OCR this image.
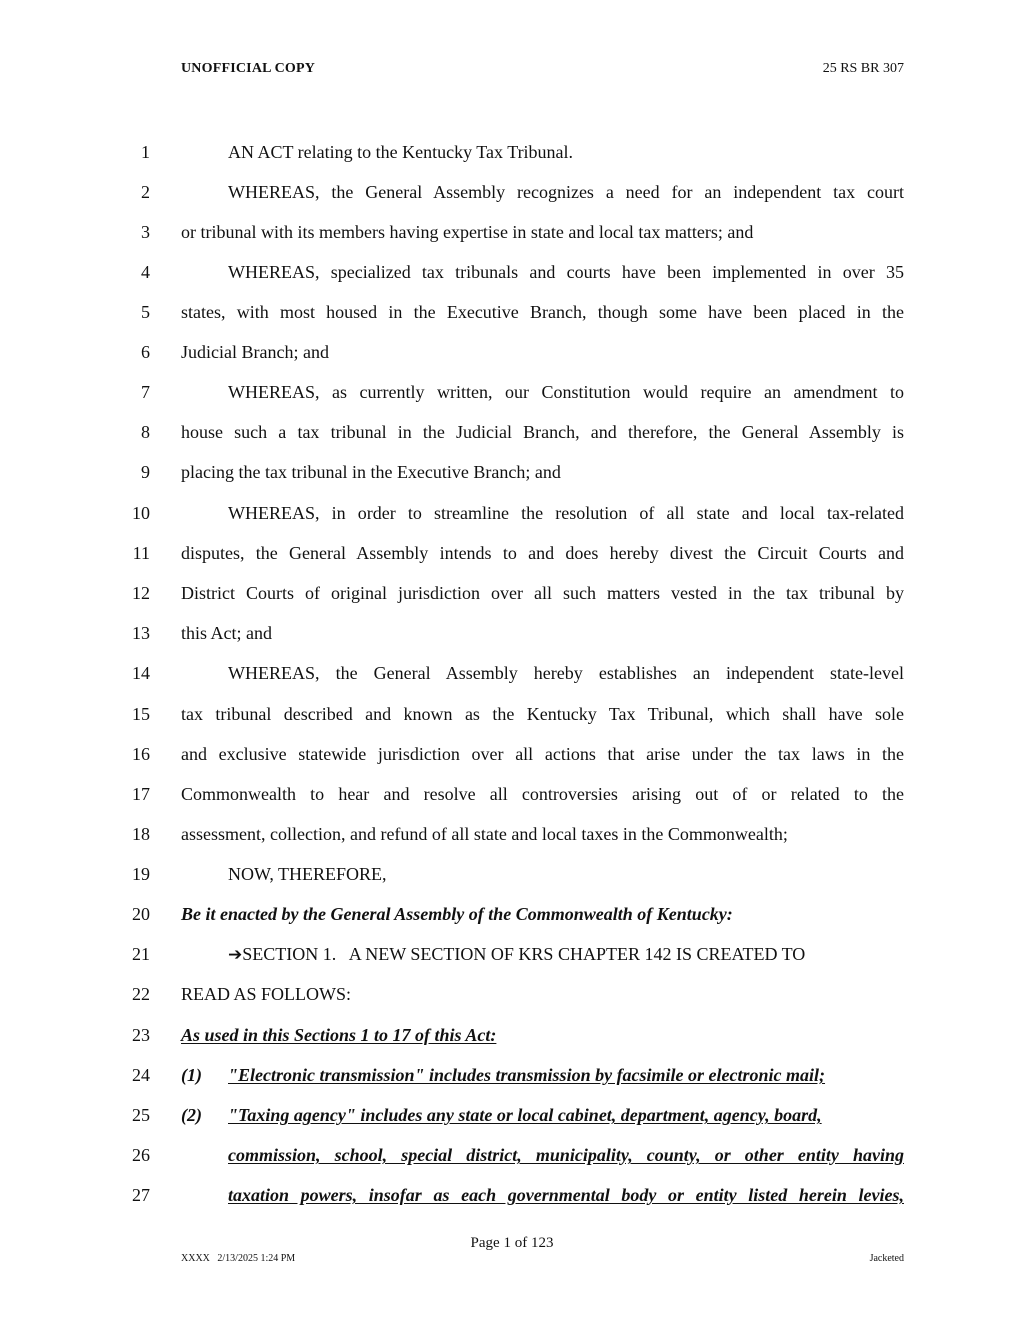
UNOFFICIAL COPY	25 RS BR 307
1	AN ACT relating to the Kentucky Tax Tribunal.
2	WHEREAS, the General Assembly recognizes a need for an independent tax court
3 or tribunal with its members having expertise in state and local tax matters; and
4	WHEREAS, specialized tax tribunals and courts have been implemented in over 35
5 states, with most housed in the Executive Branch, though some have been placed in the
6 Judicial Branch; and
7	WHEREAS, as currently written, our Constitution would require an amendment to
8 house such a tax tribunal in the Judicial Branch, and therefore, the General Assembly is
9 placing the tax tribunal in the Executive Branch; and
10	WHEREAS, in order to streamline the resolution of all state and local tax-related
11 disputes, the General Assembly intends to and does hereby divest the Circuit Courts and
12 District Courts of original jurisdiction over all such matters vested in the tax tribunal by
13 this Act; and
14	WHEREAS, the General Assembly hereby establishes an independent state-level
15 tax tribunal described and known as the Kentucky Tax Tribunal, which shall have sole
16 and exclusive statewide jurisdiction over all actions that arise under the tax laws in the
17 Commonwealth to hear and resolve all controversies arising out of or related to the
18 assessment, collection, and refund of all state and local taxes in the Commonwealth;
19	NOW, THEREFORE,
20 Be it enacted by the General Assembly of the Commonwealth of Kentucky:
21	➔SECTION 1.   A NEW SECTION OF KRS CHAPTER 142 IS CREATED TO
22 READ AS FOLLOWS:
23 As used in this Sections 1 to 17 of this Act:
24 (1) "Electronic transmission" includes transmission by facsimile or electronic mail;
25 (2) "Taxing agency" includes any state or local cabinet, department, agency, board,
26	commission, school, special district, municipality, county, or other entity having
27	taxation powers, insofar as each governmental body or entity listed herein levies,
Page 1 of 123
XXXX   2/13/2025 1:24 PM	Jacketed
